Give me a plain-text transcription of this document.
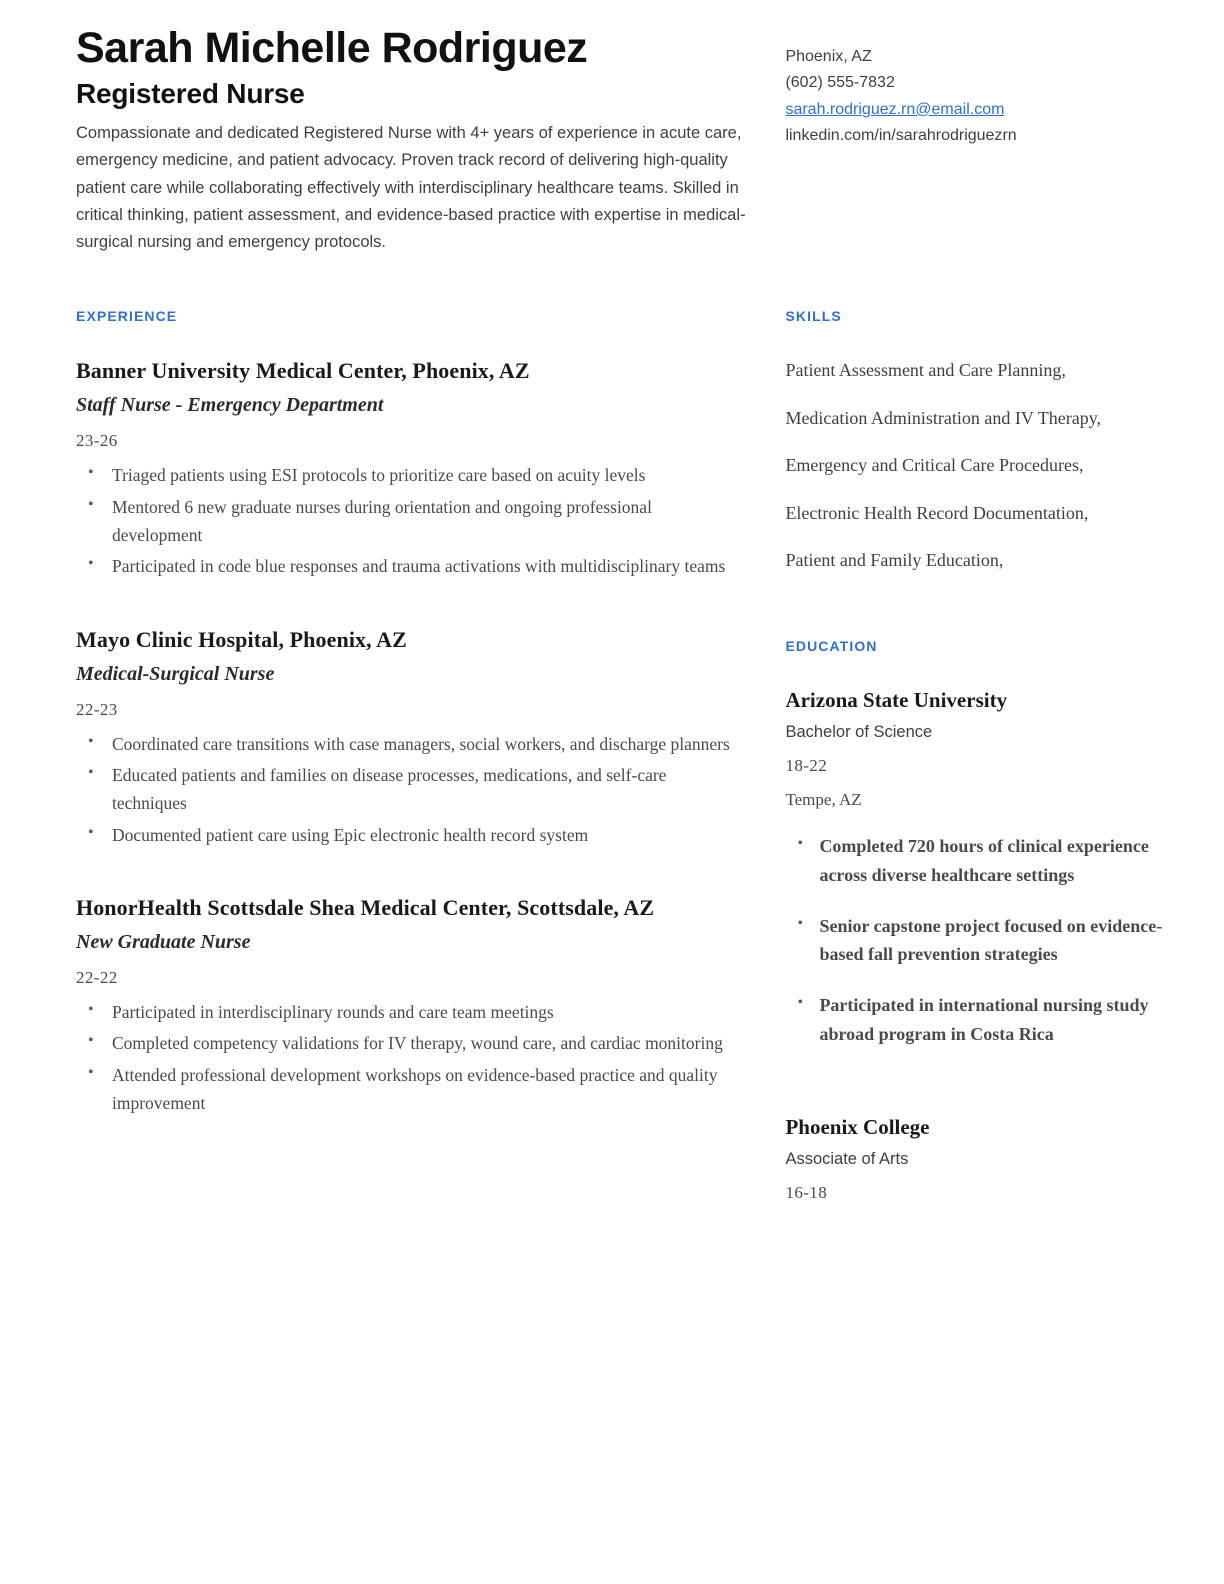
Sarah Michelle Rodriguez
Registered Nurse

Compassionate and dedicated Registered Nurse with 4+ years of experience in acute care, emergency medicine, and patient advocacy. Proven track record of delivering high-quality patient care while collaborating effectively with interdisciplinary healthcare teams. Skilled in critical thinking, patient assessment, and evidence-based practice with expertise in medical-surgical nursing and emergency protocols.

Phoenix, AZ
(602) 555-7832
sarah.rodriguez.rn@email.com
linkedin.com/in/sarahrodriguezrn
EXPERIENCE
Banner University Medical Center, Phoenix, AZ
Staff Nurse - Emergency Department
23-26
• Triaged patients using ESI protocols to prioritize care based on acuity levels
• Mentored 6 new graduate nurses during orientation and ongoing professional development
• Participated in code blue responses and trauma activations with multidisciplinary teams
Mayo Clinic Hospital, Phoenix, AZ
Medical-Surgical Nurse
22-23
• Coordinated care transitions with case managers, social workers, and discharge planners
• Educated patients and families on disease processes, medications, and self-care techniques
• Documented patient care using Epic electronic health record system
HonorHealth Scottsdale Shea Medical Center, Scottsdale, AZ
New Graduate Nurse
22-22
• Participated in interdisciplinary rounds and care team meetings
• Completed competency validations for IV therapy, wound care, and cardiac monitoring
• Attended professional development workshops on evidence-based practice and quality improvement
SKILLS
Patient Assessment and Care Planning,
Medication Administration and IV Therapy,
Emergency and Critical Care Procedures,
Electronic Health Record Documentation,
Patient and Family Education,
EDUCATION
Arizona State University
Bachelor of Science
18-22
Tempe, AZ
• Completed 720 hours of clinical experience across diverse healthcare settings
• Senior capstone project focused on evidence-based fall prevention strategies
• Participated in international nursing study abroad program in Costa Rica
Phoenix College
Associate of Arts
16-18
